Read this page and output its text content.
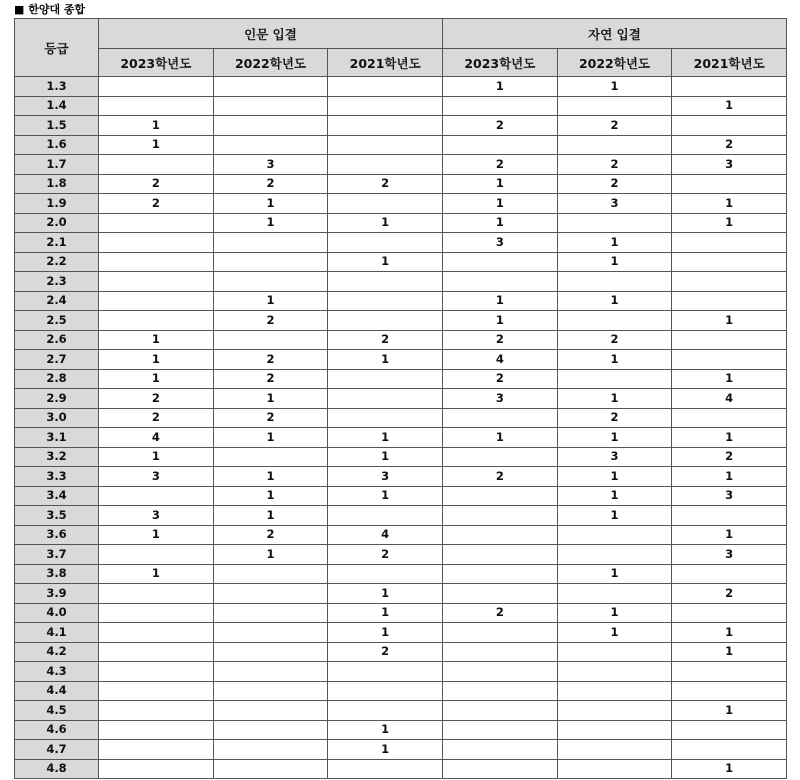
■ 한양대 종합
등급	인문 입결			자연 입결		
	2023학년도	2022학년도	2021학년도	2023학년도	2022학년도	2021학년도
1.3				1	1	
1.4						1
1.5	1			2	2	
1.6	1					2
1.7		3		2	2	3
1.8	2	2	2	1	2	
1.9	2	1		1	3	1
2.0		1	1	1		1
2.1				3	1	
2.2			1		1	
2.3						
2.4		1		1	1	
2.5		2		1		1
2.6	1		2	2	2	
2.7	1	2	1	4	1	
2.8	1	2		2		1
2.9	2	1		3	1	4
3.0	2	2			2	
3.1	4	1	1	1	1	1
3.2	1		1		3	2
3.3	3	1	3	2	1	1
3.4		1	1		1	3
3.5	3	1			1	
3.6	1	2	4			1
3.7		1	2			3
3.8	1				1	
3.9			1			2
4.0			1	2	1	
4.1			1		1	1
4.2			2			1
4.3						
4.4						
4.5						1
4.6			1			
4.7			1			
4.8						1
